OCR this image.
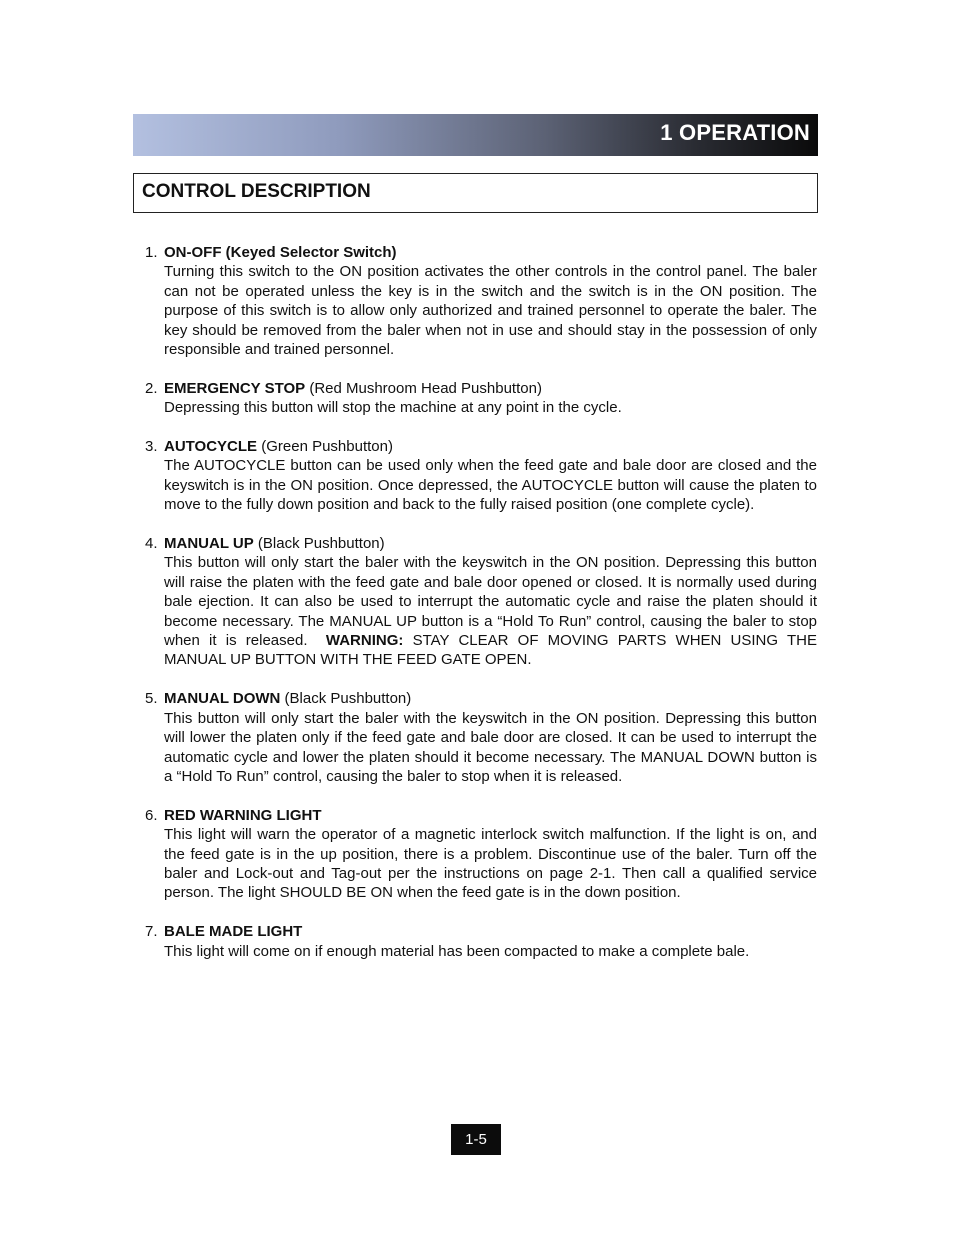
1 OPERATION
CONTROL DESCRIPTION
1. ON-OFF (Keyed Selector Switch)
Turning this switch to the ON position activates the other controls in the control panel. The baler can not be operated unless the key is in the switch and the switch is in the ON position. The purpose of this switch is to allow only authorized and trained personnel to operate the baler. The key should be removed from the baler when not in use and should stay in the possession of only responsible and trained personnel.
2. EMERGENCY STOP (Red Mushroom Head Pushbutton)
Depressing this button will stop the machine at any point in the cycle.
3. AUTOCYCLE (Green Pushbutton)
The AUTOCYCLE button can be used only when the feed gate and bale door are closed and the keyswitch is in the ON position. Once depressed, the AUTOCYCLE button will cause the platen to move to the fully down position and back to the fully raised position (one complete cycle).
4. MANUAL UP (Black Pushbutton)
This button will only start the baler with the keyswitch in the ON position. Depressing this button will raise the platen with the feed gate and bale door opened or closed. It is normally used during bale ejection. It can also be used to interrupt the automatic cycle and raise the platen should it become necessary. The MANUAL UP button is a “Hold To Run” control, causing the baler to stop when it is released. WARNING: STAY CLEAR OF MOVING PARTS WHEN USING THE MANUAL UP BUTTON WITH THE FEED GATE OPEN.
5. MANUAL DOWN (Black Pushbutton)
This button will only start the baler with the keyswitch in the ON position. Depressing this button will lower the platen only if the feed gate and bale door are closed. It can be used to interrupt the automatic cycle and lower the platen should it become necessary. The MANUAL DOWN button is a “Hold To Run” control, causing the baler to stop when it is released.
6. RED WARNING LIGHT
This light will warn the operator of a magnetic interlock switch malfunction. If the light is on, and the feed gate is in the up position, there is a problem. Discontinue use of the baler. Turn off the baler and Lock-out and Tag-out per the instructions on page 2-1. Then call a qualified service person. The light SHOULD BE ON when the feed gate is in the down position.
7. BALE MADE LIGHT
This light will come on if enough material has been compacted to make a complete bale.
1-5
